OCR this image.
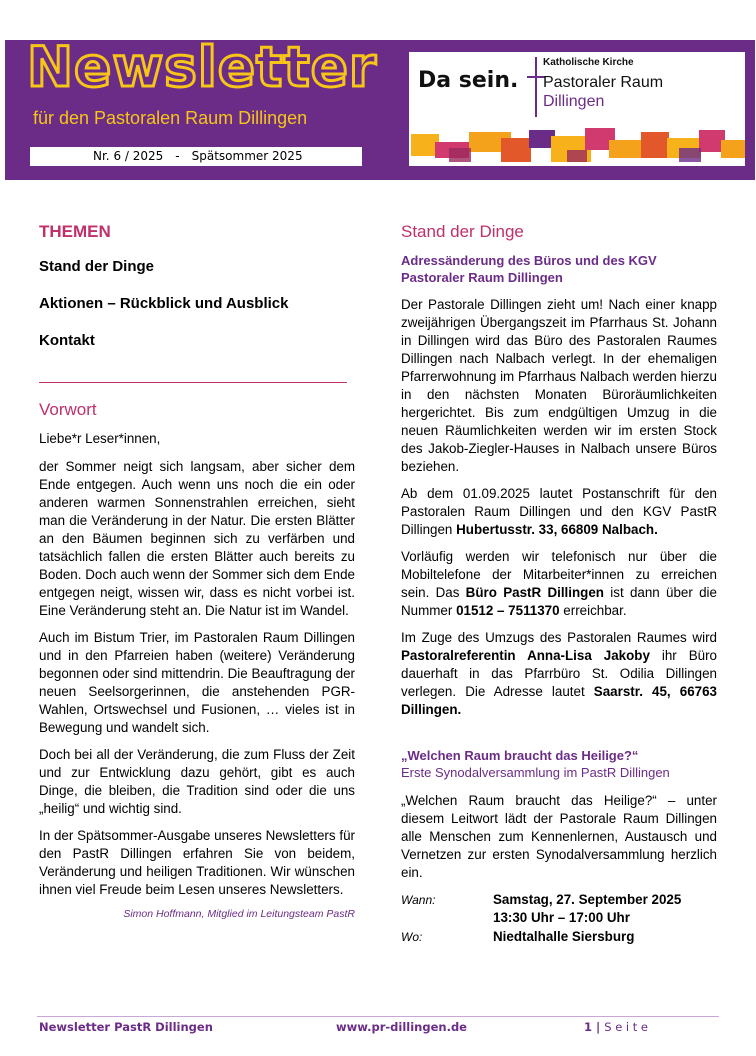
Newsletter
für den Pastoralen Raum Dillingen
Nr. 6 / 2025 - Spätsommer 2025
Da sein.
Katholische Kirche
Pastoraler Raum
Dillingen
THEMEN
Stand der Dinge
Aktionen – Rückblick und Ausblick
Kontakt
Vorwort

Liebe*r Leser*innen,

der Sommer neigt sich langsam, aber sicher dem Ende entgegen. Auch wenn uns noch die ein oder anderen warmen Sonnenstrahlen erreichen, sieht man die Veränderung in der Natur. Die ersten Blätter an den Bäumen beginnen sich zu verfärben und tatsächlich fallen die ersten Blätter auch bereits zu Boden. Doch auch wenn der Sommer sich dem Ende entgegen neigt, wissen wir, dass es nicht vorbei ist. Eine Veränderung steht an. Die Natur ist im Wandel.

Auch im Bistum Trier, im Pastoralen Raum Dillingen und in den Pfarreien haben (weitere) Veränderung begonnen oder sind mittendrin. Die Beauftragung der neuen Seelsorgerinnen, die anstehenden PGR-Wahlen, Ortswechsel und Fusionen, … vieles ist in Bewegung und wandelt sich.

Doch bei all der Veränderung, die zum Fluss der Zeit und zur Entwicklung dazu gehört, gibt es auch Dinge, die bleiben, die Tradition sind oder die uns „heilig“ und wichtig sind.

In der Spätsommer-Ausgabe unseres Newsletters für den PastR Dillingen erfahren Sie von beidem, Veränderung und heiligen Traditionen. Wir wünschen ihnen viel Freude beim Lesen unseres Newsletters.

Simon Hoffmann, Mitglied im Leitungsteam PastR
Stand der Dinge
Adressänderung des Büros und des KGV Pastoraler Raum Dillingen

Der Pastorale Dillingen zieht um! Nach einer knapp zweijährigen Übergangszeit im Pfarrhaus St. Johann in Dillingen wird das Büro des Pastoralen Raumes Dillingen nach Nalbach verlegt. In der ehemaligen Pfarrerwohnung im Pfarrhaus Nalbach werden hierzu in den nächsten Monaten Büroräumlichkeiten hergerichtet. Bis zum endgültigen Umzug in die neuen Räumlichkeiten werden wir im ersten Stock des Jakob-Ziegler-Hauses in Nalbach unsere Büros beziehen.

Ab dem 01.09.2025 lautet Postanschrift für den Pastoralen Raum Dillingen und den KGV PastR Dillingen Hubertusstr. 33, 66809 Nalbach.

Vorläufig werden wir telefonisch nur über die Mobiltelefone der Mitarbeiter*innen zu erreichen sein. Das Büro PastR Dillingen ist dann über die Nummer 01512 – 7511370 erreichbar.

Im Zuge des Umzugs des Pastoralen Raumes wird Pastoralreferentin Anna-Lisa Jakoby ihr Büro dauerhaft in das Pfarrbüro St. Odilia Dillingen verlegen. Die Adresse lautet Saarstr. 45, 66763 Dillingen.

„Welchen Raum braucht das Heilige?“
Erste Synodalversammlung im PastR Dillingen

„Welchen Raum braucht das Heilige?“ – unter diesem Leitwort lädt der Pastorale Raum Dillingen alle Menschen zum Kennenlernen, Austausch und Vernetzen zur ersten Synodalversammlung herzlich ein.

Wann:	Samstag, 27. September 2025
13:30 Uhr – 17:00 Uhr
Wo:	Niedtalhalle Siersburg
Newsletter PastR Dillingen	www.pr-dillingen.de	1 | S e i t e
